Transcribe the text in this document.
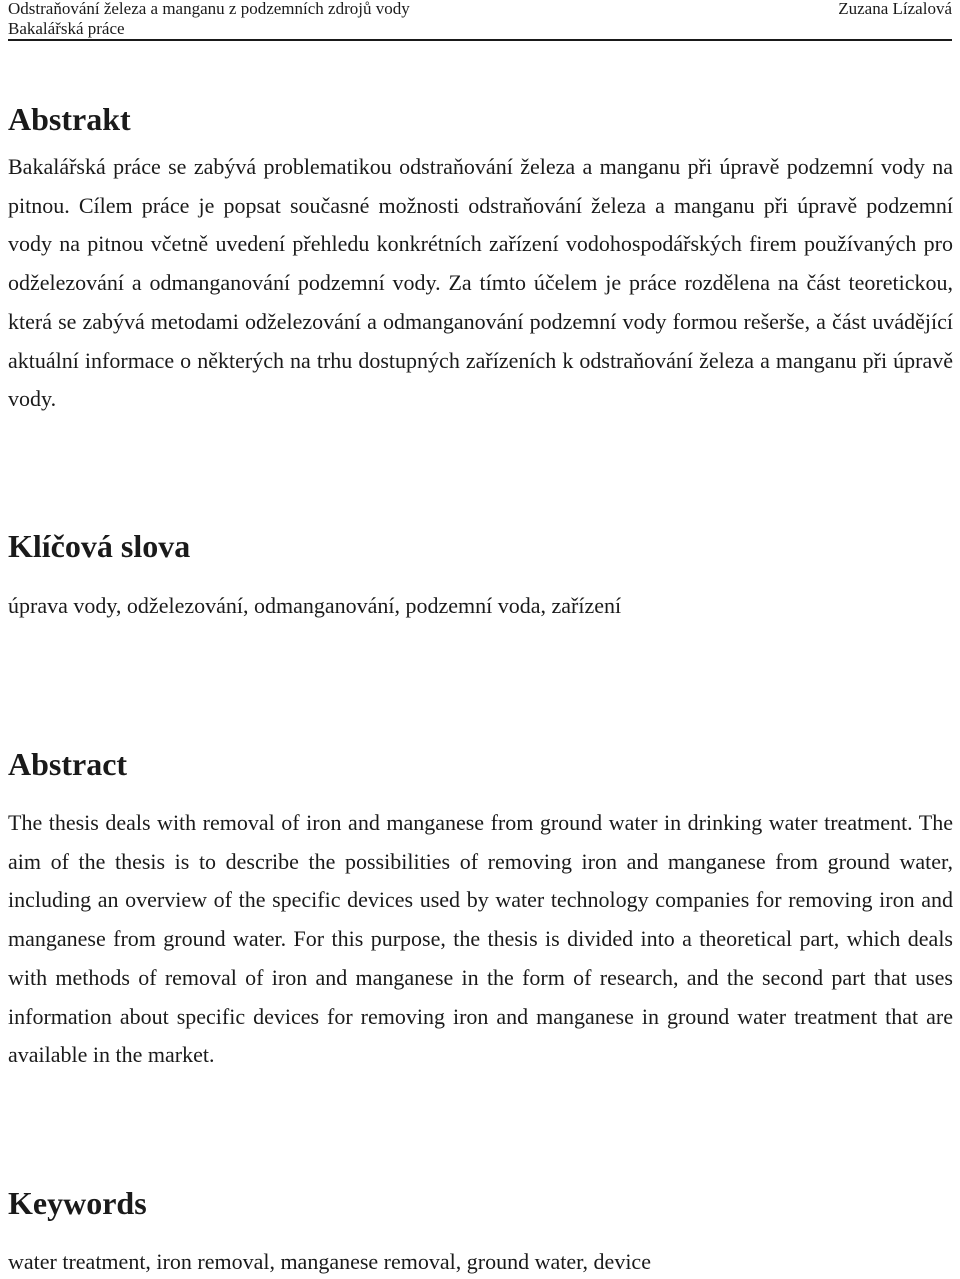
Odstraňování železa a manganu z podzemních zdrojů vody
Bakalářská práce
Zuzana Lízalová
Abstrakt

Bakalářská práce se zabývá problematikou odstraňování železa a manganu při úpravě podzemní vody na pitnou. Cílem práce je popsat současné možnosti odstraňování železa a manganu při úpravě podzemní vody na pitnou včetně uvedení přehledu konkrétních zařízení vodohospodářských firem používaných pro odželezování a odmanganování podzemní vody. Za tímto účelem je práce rozdělena na část teoretickou, která se zabývá metodami odželezování a odmanganování podzemní vody formou rešerše, a část uvádějící aktuální informace o některých na trhu dostupných zařízeních k odstraňování železa a manganu při úpravě vody.

Klíčová slova

úprava vody, odželezování, odmanganování, podzemní voda, zařízení

Abstract

The thesis deals with removal of iron and manganese from ground water in drinking water treatment. The aim of the thesis is to describe the possibilities of removing iron and manganese from ground water, including an overview of the specific devices used by water technology companies for removing iron and manganese from ground water. For this purpose, the thesis is divided into a theoretical part, which deals with methods of removal of iron and manganese in the form of research, and the second part that uses information about specific devices for removing iron and manganese in ground water treatment that are available in the market.

Keywords

water treatment, iron removal, manganese removal, ground water, device
